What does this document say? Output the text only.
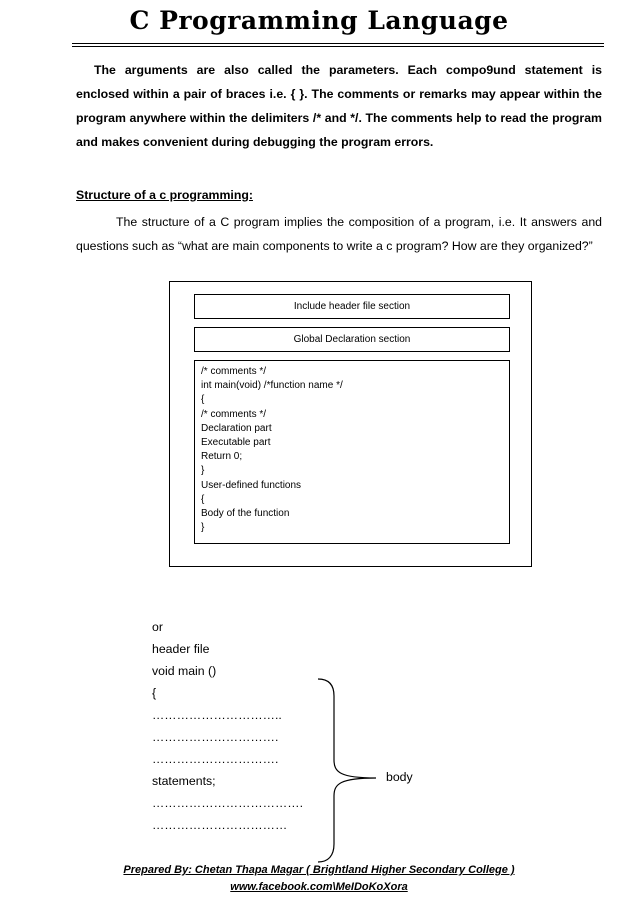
C Programming Language

The arguments are also called the parameters. Each compo9und statement is enclosed within a pair of braces i.e. { }. The comments or remarks may appear within the program anywhere within the delimiters /* and */. The comments help to read the program and makes convenient during debugging the program errors.

Structure of a c programming:

The structure of a C program implies the composition of a program, i.e. It answers and questions such as “what are main components to write a c program? How are they organized?”

Include header file section
Global Declaration section
/* comments */
int main(void) /*function name */
{
/* comments */
Declaration part
Executable part
Return 0;
}
User-defined functions
{
Body of the function
}
or
header file
void main ()
{
…………………………..
………………………….
………………………….
statements;
……………………………….
……………………………
body
Prepared By: Chetan Thapa Magar ( Brightland Higher Secondary College )
www.facebook.com\MeIDoKoXora
